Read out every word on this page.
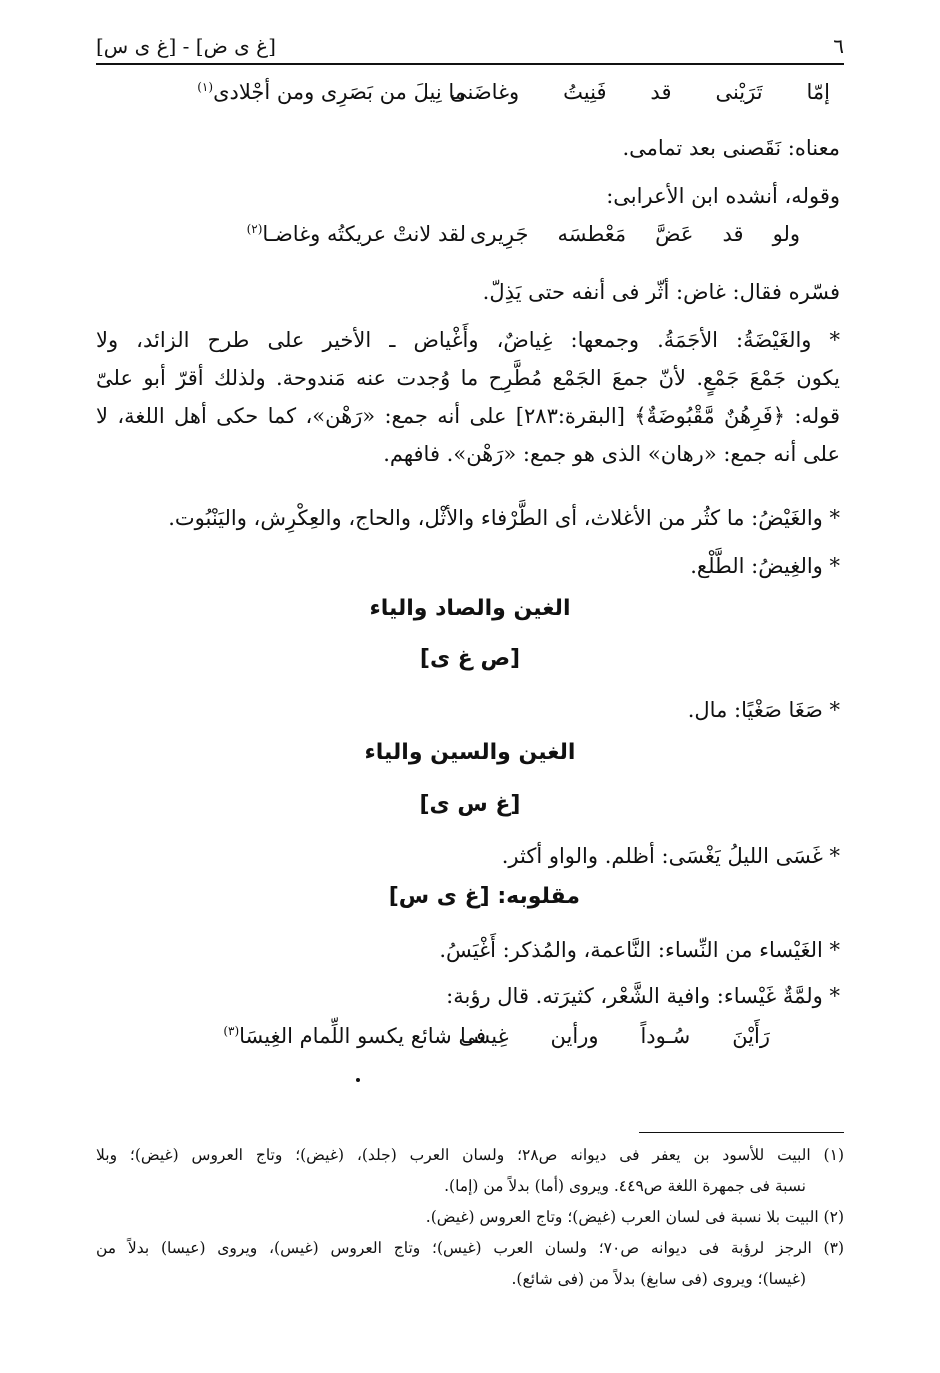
٦
[غ ى ض] - [غ ى س]
إمّا تَرَيْنى قد فَنِيتُ وغاضَنى
ما نِيلَ من بَصَرِى ومن أجْلادى$^{(١)}$
معناه: نَقَصنى بعد تمامى.
وقوله، أنشده ابن الأعرابى:
ولو قد عَضَّ مَعْطسَه جَرِيرى
لقد لانتْ عريكتُه وغاضـا$^{(٢)}$
فسّره فقال: غاض: أثّر فى أنفه حتى يَذِلّ.
* والغَيْضَةُ: الأجَمَةُ. وجمعها: غِياضٌ، وأَغْياض ـ الأخير على طرح الزائد، ولا
يكون جَمْعَ جَمْعٍ. لأنّ جمعَ الجَمْع مُطَّرِح ما وُجدت عنه مَندوحة. ولذلك أقرّ أبو علىّ
قوله: ﴿فَرِهُنٌ مَّقْبُوضَةٌ﴾ [البقرة:٢٨٣] على أنه جمع: «رَهْن»، كما حكى أهل اللغة، لا
على أنه جمع: «رهان» الذى هو جمع: «رَهْن». فافهم.
* والغَيْضُ: ما كثُر من الأغلاث، أى الطَّرْفاء والأثْل، والحاج، والعِكْرِش، واليَنْبُوت.
* والغِيضُ: الطَّلْع.
الغين والصاد والياء
[ص غ ى]
* صَغَا صَغْيًا: مال.
الغين والسين والياء
[غ س ى]
* غَسَى الليلُ يَغْسَى: أظلم. والواو أكثر.
مقلوبه: [غ ى س]
* الغَيْساء من النِّساء: النَّاعمة، والمُذكر: أَغْيَسُ.
* ولمَّةٌ غَيْساء: وافية الشَّعْر، كثيرَته. قال رؤبة:
رَأَيْنَ سُـوداً ورأين غِيسـا
فى شائع يكسو اللِّمام الغِيسَا$^{(٣)}$
(١) البيت للأسود بن يعفر فى ديوانه ص٢٨؛ ولسان العرب (جلد)، (غيض)؛ وتاج العروس (غيض)؛ وبلا
نسبة فى جمهرة اللغة ص٤٤٩. ويروى (أما) بدلاً من (إما).
(٢) البيت بلا نسبة فى لسان العرب (غيض)؛ وتاج العروس (غيض).
(٣) الرجز لرؤبة فى ديوانه ص٧٠؛ ولسان العرب (غيس)؛ وتاج العروس (غيس)، ويروى (عيسا) بدلاً من
(غيسا)؛ ويروى (فى سابغ) بدلاً من (فى شائع).
